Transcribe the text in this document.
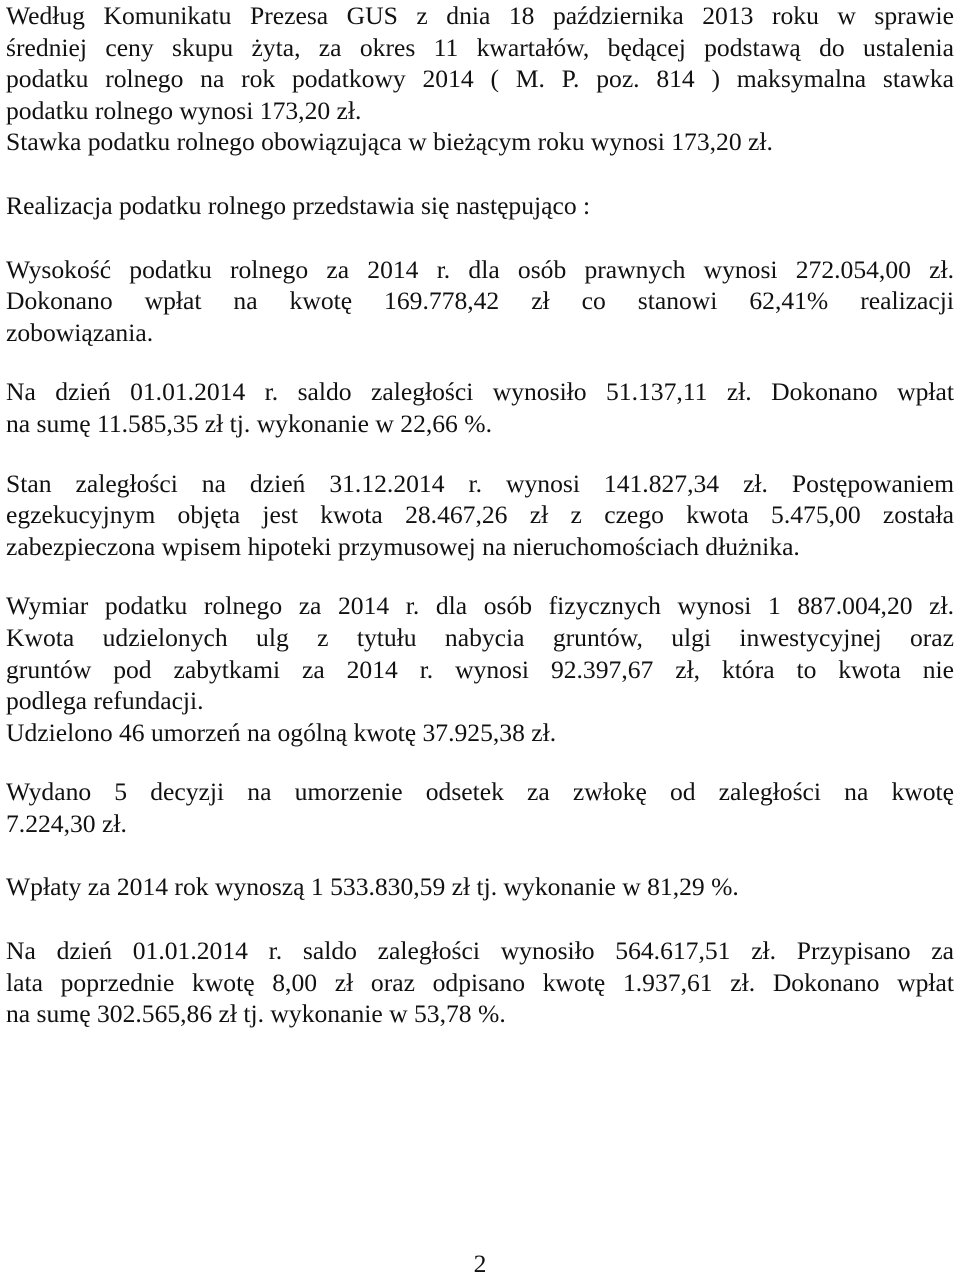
Według Komunikatu Prezesa GUS z dnia 18 października 2013 roku w sprawie
średniej ceny skupu żyta, za okres 11 kwartałów, będącej podstawą do ustalenia
podatku rolnego na rok podatkowy 2014 ( M. P. poz. 814 ) maksymalna stawka
podatku rolnego wynosi 173,20 zł.
Stawka podatku rolnego obowiązująca w bieżącym roku wynosi 173,20 zł.

Realizacja podatku rolnego przedstawia się następująco :

Wysokość podatku rolnego za 2014 r. dla osób prawnych wynosi 272.054,00 zł.
Dokonano wpłat na kwotę 169.778,42 zł co stanowi 62,41% realizacji
zobowiązania.

Na dzień 01.01.2014 r. saldo zaległości wynosiło 51.137,11 zł. Dokonano wpłat
na sumę 11.585,35 zł tj. wykonanie w 22,66 %.

Stan zaległości na dzień 31.12.2014 r. wynosi 141.827,34 zł. Postępowaniem
egzekucyjnym objęta jest kwota 28.467,26 zł z czego kwota 5.475,00 została
zabezpieczona wpisem hipoteki przymusowej na nieruchomościach dłużnika.

Wymiar podatku rolnego za 2014 r. dla osób fizycznych wynosi 1 887.004,20 zł.
Kwota udzielonych ulg z tytułu nabycia gruntów, ulgi inwestycyjnej oraz
gruntów pod zabytkami za 2014 r. wynosi 92.397,67 zł, która to kwota nie
podlega refundacji.
Udzielono 46 umorzeń na ogólną kwotę 37.925,38 zł.

Wydano 5 decyzji na umorzenie odsetek za zwłokę od zaległości na kwotę
7.224,30 zł.

Wpłaty za 2014 rok wynoszą 1 533.830,59 zł tj. wykonanie w 81,29 %.

Na dzień 01.01.2014 r. saldo zaległości wynosiło 564.617,51 zł. Przypisano za
lata poprzednie kwotę 8,00 zł oraz odpisano kwotę 1.937,61 zł. Dokonano wpłat
na sumę 302.565,86 zł tj. wykonanie w 53,78 %.

2
